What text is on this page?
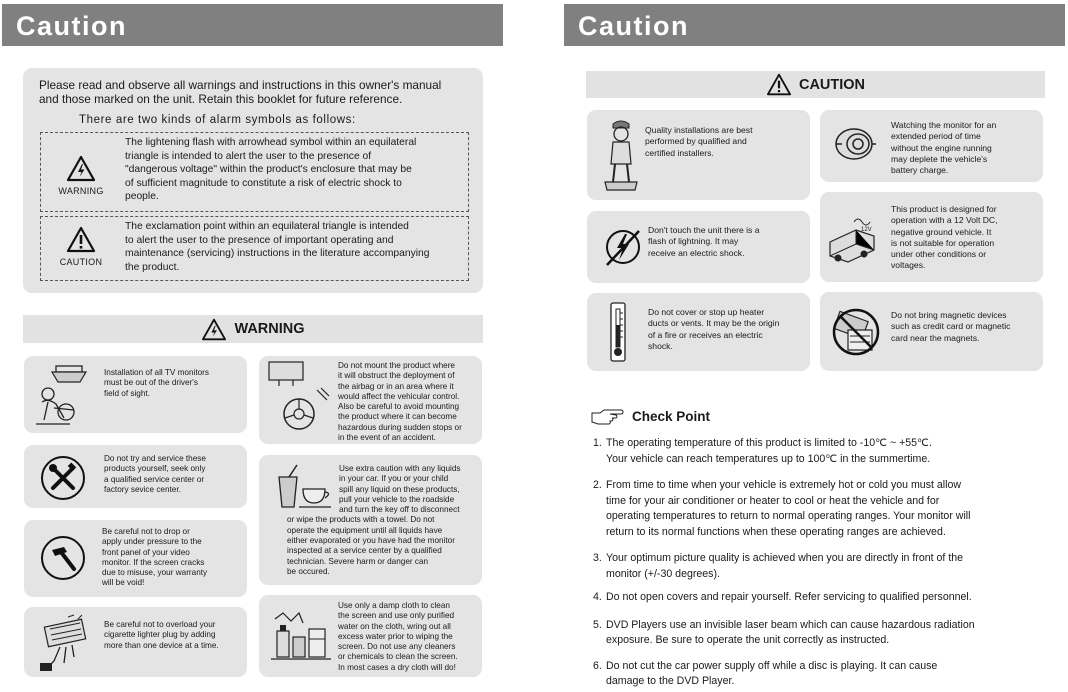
Caution
Please read and observe all warnings and instructions in this owner's manual
and those marked on the unit. Retain this booklet for future reference.
There are two kinds of alarm symbols as follows:
WARNING
The lightening flash with arrowhead symbol within an equilateral
triangle is intended to alert the user to the presence of
"dangerous voltage" within the product's enclosure that may be
of sufficient magnitude to constitute a risk of electric shock to
people.
CAUTION
The exclamation point within an equilateral triangle is intended
to alert the user to the presence of important operating and
maintenance (servicing) instructions in the literature accompanying
the product.
WARNING
Installation of all TV monitors
must be out of the driver's
field of sight.
Do not try and service these
products yourself, seek only
a qualified service center or
factory sevice center.
Be careful not to drop or
apply under pressure to the
front panel of your video
monitor. If the screen cracks
due to misuse, your warranty
will be void!
Be careful not to overload your
cigarette lighter plug by adding
more than one device at a time.
Do not mount the product where
it will obstruct the deployment of
the airbag or in an area where it
would affect the vehicular control.
Also be careful to avoid mounting
the product where it can become
hazardous during sudden stops or
in the event of an accident.
Use extra caution with any liquids
in your car. If you or your child
spill any liquid on these products,
pull your vehicle to the roadside
and turn the key off to disconnect
or wipe the products with a towel. Do not
operate the equipment until all liquids have
either evaporated or you have had the monitor
inspected at a service center by a qualified
technician. Severe harm or danger can
be occured.
Use only a damp cloth to clean
the screen and use only purified
water on the cloth, wring out all
excess water prior to wiping the
screen. Do not use any cleaners
or chemicals to clean the screen.
In most cases a dry cloth will do!
Caution
CAUTION
Quality installations are best
performed by qualified and
certified installers.
Don't touch the unit there is a
flash of lightning. It may
receive an electric shock.
Do not cover or stop up heater
ducts or vents. It may be the origin
of a fire or receives an electric
shock.
Watching the monitor for an
extended period of time
without the engine running
may deplete the vehicle's
battery charge.
12V
This product is designed for
operation with a 12 Volt DC,
negative ground vehicle. It
is not suitable for operation
under other conditions or
voltages.
Do not bring magnetic devices
such as credit card or magnetic
card near the magnets.
Check Point
1. The operating temperature of this product is limited to -10℃ ~ +55℃.
Your vehicle can reach temperatures up to 100℃ in the summertime.
2. From time to time when your vehicle is extremely hot or cold you must allow
time for your air conditioner or heater to cool or heat the vehicle and for
operating temperatures to return to normal operating ranges. Your monitor will
return to its normal functions when these operating ranges are achieved.
3. Your optimum picture quality is achieved when you are directly in front of the
monitor (+/-30 degrees).
4. Do not open covers and repair yourself. Refer servicing to qualified personnel.
5. DVD Players use an invisible laser beam which can cause hazardous radiation
exposure. Be sure to operate the unit correctly as instructed.
6. Do not cut the car power supply off while a disc is playing. It can cause
damage to the DVD Player.
